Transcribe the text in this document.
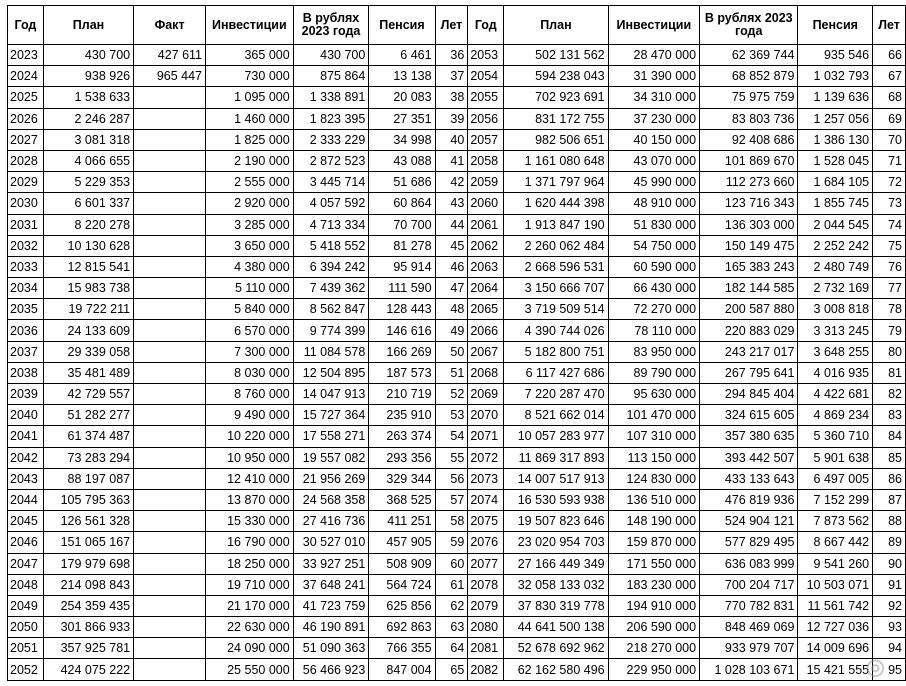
Год	План	Факт	Инвестиции	В рублях 2023 года	Пенсия	Лет	Год	План	Инвестиции	В рублях 2023 года	Пенсия	Лет
2023	430 700	427 611	365 000	430 700	6 461	36	2053	502 131 562	28 470 000	62 369 744	935 546	66
2024	938 926	965 447	730 000	875 864	13 138	37	2054	594 238 043	31 390 000	68 852 879	1 032 793	67
2025	1 538 633		1 095 000	1 338 891	20 083	38	2055	702 923 691	34 310 000	75 975 759	1 139 636	68
2026	2 246 287		1 460 000	1 823 395	27 351	39	2056	831 172 755	37 230 000	83 803 736	1 257 056	69
2027	3 081 318		1 825 000	2 333 229	34 998	40	2057	982 506 651	40 150 000	92 408 686	1 386 130	70
2028	4 066 655		2 190 000	2 872 523	43 088	41	2058	1 161 080 648	43 070 000	101 869 670	1 528 045	71
2029	5 229 353		2 555 000	3 445 714	51 686	42	2059	1 371 797 964	45 990 000	112 273 660	1 684 105	72
2030	6 601 337		2 920 000	4 057 592	60 864	43	2060	1 620 444 398	48 910 000	123 716 343	1 855 745	73
2031	8 220 278		3 285 000	4 713 334	70 700	44	2061	1 913 847 190	51 830 000	136 303 000	2 044 545	74
2032	10 130 628		3 650 000	5 418 552	81 278	45	2062	2 260 062 484	54 750 000	150 149 475	2 252 242	75
2033	12 815 541		4 380 000	6 394 242	95 914	46	2063	2 668 596 531	60 590 000	165 383 243	2 480 749	76
2034	15 983 738		5 110 000	7 439 362	111 590	47	2064	3 150 666 707	66 430 000	182 144 585	2 732 169	77
2035	19 722 211		5 840 000	8 562 847	128 443	48	2065	3 719 509 514	72 270 000	200 587 880	3 008 818	78
2036	24 133 609		6 570 000	9 774 399	146 616	49	2066	4 390 744 026	78 110 000	220 883 029	3 313 245	79
2037	29 339 058		7 300 000	11 084 578	166 269	50	2067	5 182 800 751	83 950 000	243 217 017	3 648 255	80
2038	35 481 489		8 030 000	12 504 895	187 573	51	2068	6 117 427 686	89 790 000	267 795 641	4 016 935	81
2039	42 729 557		8 760 000	14 047 913	210 719	52	2069	7 220 287 470	95 630 000	294 845 404	4 422 681	82
2040	51 282 277		9 490 000	15 727 364	235 910	53	2070	8 521 662 014	101 470 000	324 615 605	4 869 234	83
2041	61 374 487		10 220 000	17 558 271	263 374	54	2071	10 057 283 977	107 310 000	357 380 635	5 360 710	84
2042	73 283 294		10 950 000	19 557 082	293 356	55	2072	11 869 317 893	113 150 000	393 442 507	5 901 638	85
2043	88 197 087		12 410 000	21 956 269	329 344	56	2073	14 007 517 913	124 830 000	433 133 643	6 497 005	86
2044	105 795 363		13 870 000	24 568 358	368 525	57	2074	16 530 593 938	136 510 000	476 819 936	7 152 299	87
2045	126 561 328		15 330 000	27 416 736	411 251	58	2075	19 507 823 646	148 190 000	524 904 121	7 873 562	88
2046	151 065 167		16 790 000	30 527 010	457 905	59	2076	23 020 954 703	159 870 000	577 829 495	8 667 442	89
2047	179 979 698		18 250 000	33 927 251	508 909	60	2077	27 166 449 349	171 550 000	636 083 999	9 541 260	90
2048	214 098 843		19 710 000	37 648 241	564 724	61	2078	32 058 133 032	183 230 000	700 204 717	10 503 071	91
2049	254 359 435		21 170 000	41 723 759	625 856	62	2079	37 830 319 778	194 910 000	770 782 831	11 561 742	92
2050	301 866 933		22 630 000	46 190 891	692 863	63	2080	44 641 500 138	206 590 000	848 469 069	12 727 036	93
2051	357 925 781		24 090 000	51 090 363	766 355	64	2081	52 678 692 962	218 270 000	933 979 707	14 009 696	94
2052	424 075 222		25 550 000	56 466 923	847 004	65	2082	62 162 580 496	229 950 000	1 028 103 671	15 421 555	95
◎
